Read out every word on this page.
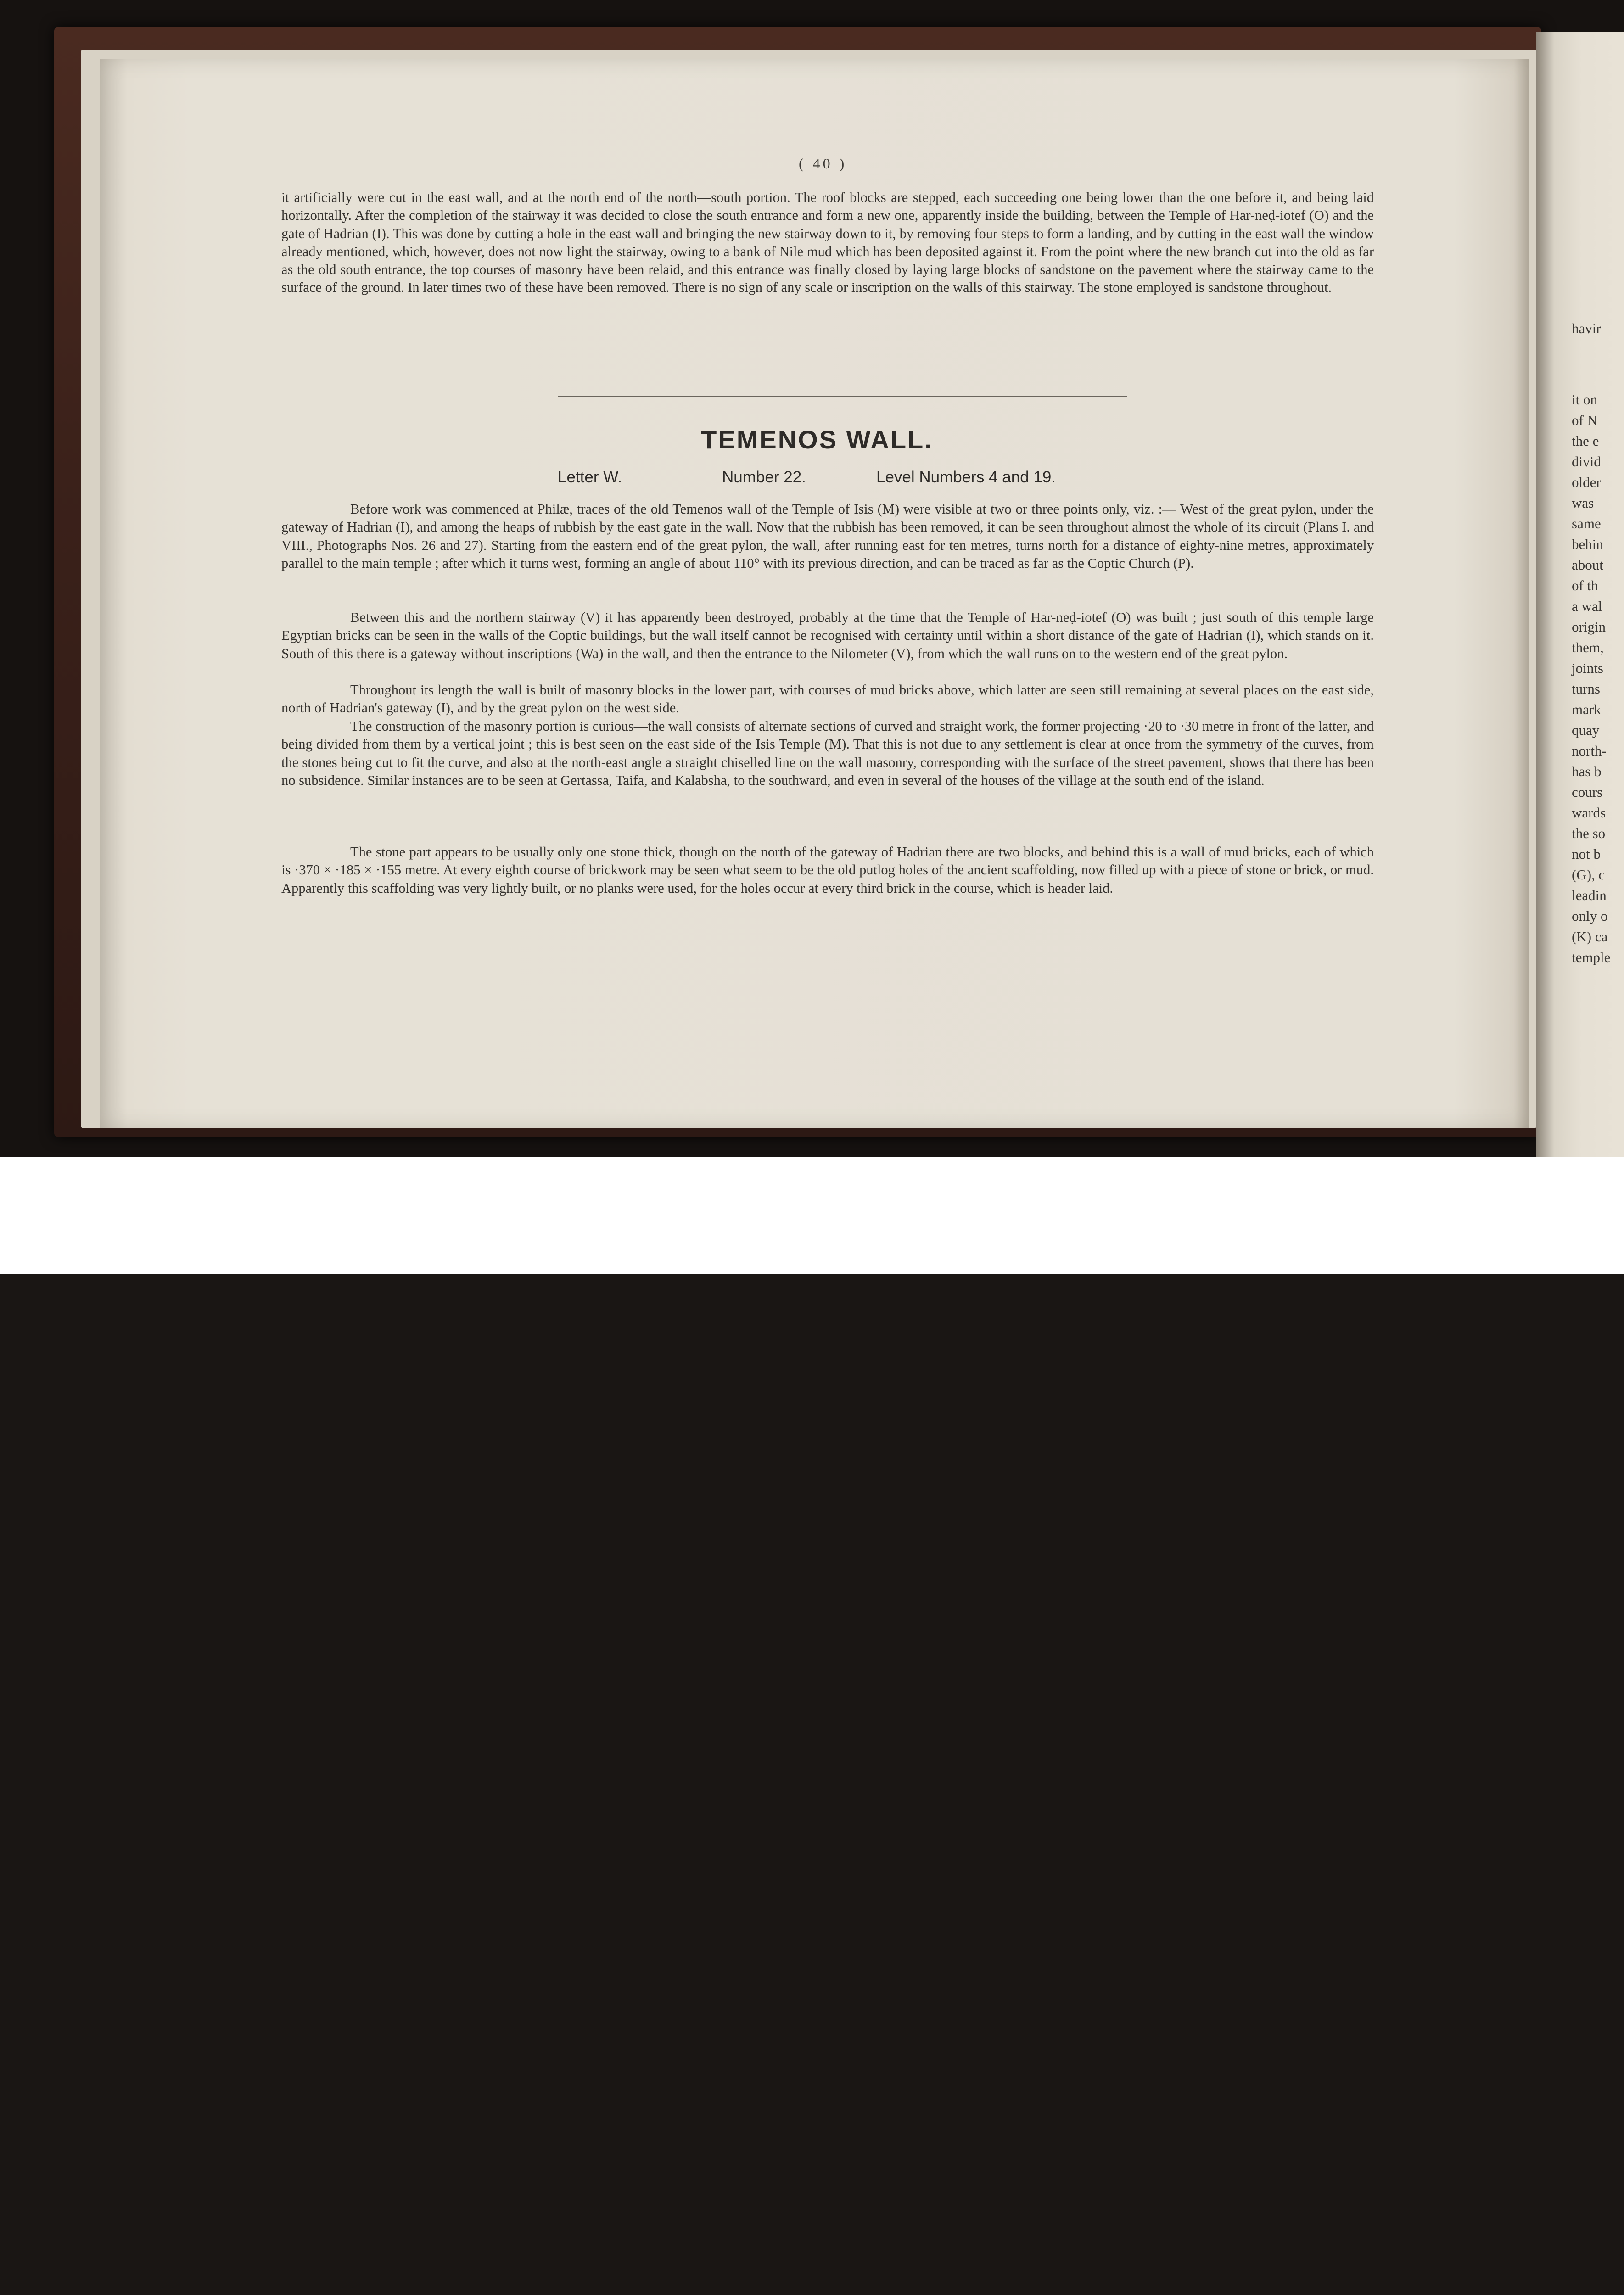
( 40 )

it artificially were cut in the east wall, and at the north end of the north—south portion. The roof blocks are stepped, each succeeding one being lower than the one before it, and being laid horizontally. After the completion of the stairway it was decided to close the south entrance and form a new one, apparently inside the building, between the Temple of Har-neḍ-iotef (O) and the gate of Hadrian (I). This was done by cutting a hole in the east wall and bringing the new stairway down to it, by removing four steps to form a landing, and by cutting in the east wall the window already mentioned, which, however, does not now light the stairway, owing to a bank of Nile mud which has been deposited against it. From the point where the new branch cut into the old as far as the old south entrance, the top courses of masonry have been relaid, and this entrance was finally closed by laying large blocks of sandstone on the pavement where the stairway came to the surface of the ground. In later times two of these have been removed. There is no sign of any scale or inscription on the walls of this stairway. The stone employed is sandstone throughout.

TEMENOS WALL.

Letter W.	Number 22.	Level Numbers 4 and 19.

Before work was commenced at Philæ, traces of the old Temenos wall of the Temple of Isis (M) were visible at two or three points only, viz. :— West of the great pylon, under the gateway of Hadrian (I), and among the heaps of rubbish by the east gate in the wall. Now that the rubbish has been removed, it can be seen throughout almost the whole of its circuit (Plans I. and VIII., Photographs Nos. 26 and 27). Starting from the eastern end of the great pylon, the wall, after running east for ten metres, turns north for a distance of eighty-nine metres, approximately parallel to the main temple ; after which it turns west, forming an angle of about 110° with its previous direction, and can be traced as far as the Coptic Church (P).

Between this and the northern stairway (V) it has apparently been destroyed, probably at the time that the Temple of Har-neḍ-iotef (O) was built ; just south of this temple large Egyptian bricks can be seen in the walls of the Coptic buildings, but the wall itself cannot be recognised with certainty until within a short distance of the gate of Hadrian (I), which stands on it. South of this there is a gateway without inscriptions (Wa) in the wall, and then the entrance to the Nilometer (V), from which the wall runs on to the western end of the great pylon.

Throughout its length the wall is built of masonry blocks in the lower part, with courses of mud bricks above, which latter are seen still remaining at several places on the east side, north of Hadrian's gateway (I), and by the great pylon on the west side.

The construction of the masonry portion is curious—the wall consists of alternate sections of curved and straight work, the former projecting ·20 to ·30 metre in front of the latter, and being divided from them by a vertical joint ; this is best seen on the east side of the Isis Temple (M). That this is not due to any settlement is clear at once from the symmetry of the curves, from the stones being cut to fit the curve, and also at the north-east angle a straight chiselled line on the wall masonry, corresponding with the surface of the street pavement, shows that there has been no subsidence. Similar instances are to be seen at Gertassa, Taifa, and Kalabsha, to the southward, and even in several of the houses of the village at the south end of the island.

The stone part appears to be usually only one stone thick, though on the north of the gateway of Hadrian there are two blocks, and behind this is a wall of mud bricks, each of which is ·370 × ·185 × ·155 metre. At every eighth course of brickwork may be seen what seem to be the old putlog holes of the ancient scaffolding, now filled up with a piece of stone or brick, or mud. Apparently this scaffolding was very lightly built, or no planks were used, for the holes occur at every third brick in the course, which is header laid.

havir

it on

of N

the e

divid

older

was

same

behin

about

of th

a wal

origin

them,

joints

turns

mark

quay

north-

has b

cours

wards

the so

not b

(G), c

leadin

only o

(K) ca

temple
